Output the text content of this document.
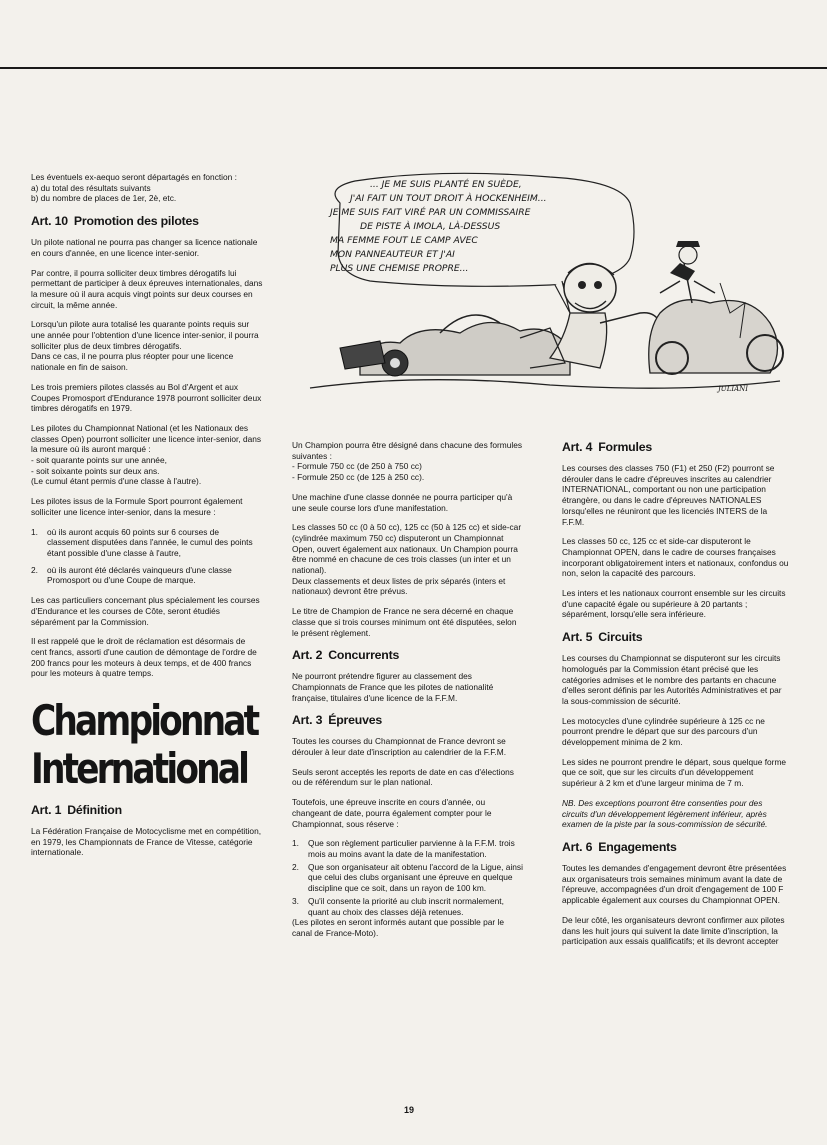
... JE ME SUIS PLANTÉ EN SUÈDE,
J'AI FAIT UN TOUT DROIT À HOCKENHEIM...
JE ME SUIS FAIT VIRÉ PAR UN COMMISSAIRE
DE PISTE À IMOLA, LÀ-DESSUS
MA FEMME FOUT LE CAMP AVEC
MON PANNEAUTEUR ET J'AI
PLUS UNE CHEMISE PROPRE...
JULIANI

Les éventuels ex-aequo seront départagés en fonction :

a) du total des résultats suivants
b) du nombre de places de 1er, 2è, etc.
Art. 10 Promotion des pilotes

Un pilote national ne pourra pas changer sa licence nationale en cours d'année, en une licence inter-senior.

Par contre, il pourra solliciter deux timbres dérogatifs lui permettant de participer à deux épreuves internationales, dans la mesure où il aura acquis vingt points sur deux courses en circuit, la même année.

Lorsqu'un pilote aura totalisé les quarante points requis sur une année pour l'obtention d'une licence inter-senior, il pourra solliciter plus de deux timbres dérogatifs.

Dans ce cas, il ne pourra plus réopter pour une licence nationale en fin de saison.

Les trois premiers pilotes classés au Bol d'Argent et aux Coupes Promosport d'Endurance 1978 pourront solliciter deux timbres dérogatifs en 1979.

Les pilotes du Championnat National (et les Nationaux des classes Open) pourront solliciter une licence inter-senior, dans la mesure où ils auront marqué :

- soit quarante points sur une année,
- soit soixante points sur deux ans.
(Le cumul étant permis d'une classe à l'autre).

Les pilotes issus de la Formule Sport pourront également solliciter une licence inter-senior, dans la mesure :

1.	où ils auront acquis 60 points sur 6 courses de classement disputées dans l'année, le cumul des points étant possible d'une classe à l'autre,
2.	où ils auront été déclarés vainqueurs d'une classe Promosport ou d'une Coupe de marque.

Les cas particuliers concernant plus spécialement les courses d'Endurance et les courses de Côte, seront étudiés séparément par la Commission.

Il est rappelé que le droit de réclamation est désormais de cent francs, assorti d'une caution de démontage de l'ordre de 200 francs pour les moteurs à deux temps, et de 400 francs pour les moteurs à quatre temps.

Championnat
International
Art. 1 Définition

La Fédération Française de Motocyclisme met en compétition, en 1979, les Championnats de France de Vitesse, catégorie internationale.

Un Champion pourra être désigné dans chacune des formules suivantes :

- Formule 750 cc (de 250 à 750 cc)
- Formule 250 cc (de 125 à 250 cc).

Une machine d'une classe donnée ne pourra participer qu'à une seule course lors d'une manifestation.

Les classes 50 cc (0 à 50 cc), 125 cc (50 à 125 cc) et side-car (cylindrée maximum 750 cc) disputeront un Championnat Open, ouvert également aux nationaux. Un Champion pourra être nommé en chacune de ces trois classes (un inter et un national).

Deux classements et deux listes de prix séparés (inters et nationaux) devront être prévus.

Le titre de Champion de France ne sera décerné en chaque classe que si trois courses minimum ont été disputées, selon le présent règlement.

Art. 2 Concurrents

Ne pourront prétendre figurer au classement des Championnats de France que les pilotes de nationalité française, titulaires d'une licence de la F.F.M.

Art. 3 Épreuves

Toutes les courses du Championnat de France devront se dérouler à leur date d'inscription au calendrier de la F.F.M.

Seuls seront acceptés les reports de date en cas d'élections ou de référendum sur le plan national.

Toutefois, une épreuve inscrite en cours d'année, ou changeant de date, pourra également compter pour le Championnat, sous réserve :

1.	Que son règlement particulier parvienne à la F.F.M. trois mois au moins avant la date de la manifestation.
2.	Que son organisateur ait obtenu l'accord de la Ligue, ainsi que celui des clubs organisant une épreuve en quelque discipline que ce soit, dans un rayon de 100 km.
3.	Qu'il consente la priorité au club inscrit normalement, quant au choix des classes déjà retenues.

(Les pilotes en seront informés autant que possible par le canal de France-Moto).

Art. 4 Formules

Les courses des classes 750 (F1) et 250 (F2) pourront se dérouler dans le cadre d'épreuves inscrites au calendrier INTERNATIONAL, comportant ou non une participation étrangère, ou dans le cadre d'épreuves NATIONALES lorsqu'elles ne réuniront que les licenciés INTERS de la F.F.M.

Les classes 50 cc, 125 cc et side-car disputeront le Championnat OPEN, dans le cadre de courses françaises incorporant obligatoirement inters et nationaux, confondus ou non, selon la capacité des parcours.

Les inters et les nationaux courront ensemble sur les circuits d'une capacité égale ou supérieure à 20 partants ; séparément, lorsqu'elle sera inférieure.

Art. 5 Circuits

Les courses du Championnat se disputeront sur les circuits homologués par la Commission étant précisé que les catégories admises et le nombre des partants en chacune d'elles seront définis par les Autorités Administratives et par la sous-commission de sécurité.

Les motocycles d'une cylindrée supérieure à 125 cc ne pourront prendre le départ que sur des parcours d'un développement minima de 2 km.

Les sides ne pourront prendre le départ, sous quelque forme que ce soit, que sur les circuits d'un développement supérieur à 2 km et d'une largeur minima de 7 m.

NB. Des exceptions pourront être consenties pour des circuits d'un développement légèrement inférieur, après examen de la piste par la sous-commission de sécurité.

Art. 6 Engagements

Toutes les demandes d'engagement devront être présentées aux organisateurs trois semaines minimum avant la date de l'épreuve, accompagnées d'un droit d'engagement de 100 F applicable également aux courses du Championnat OPEN.

De leur côté, les organisateurs devront confirmer aux pilotes dans les huit jours qui suivent la date limite d'inscription, la participation aux essais qualificatifs; et ils devront accepter

19
